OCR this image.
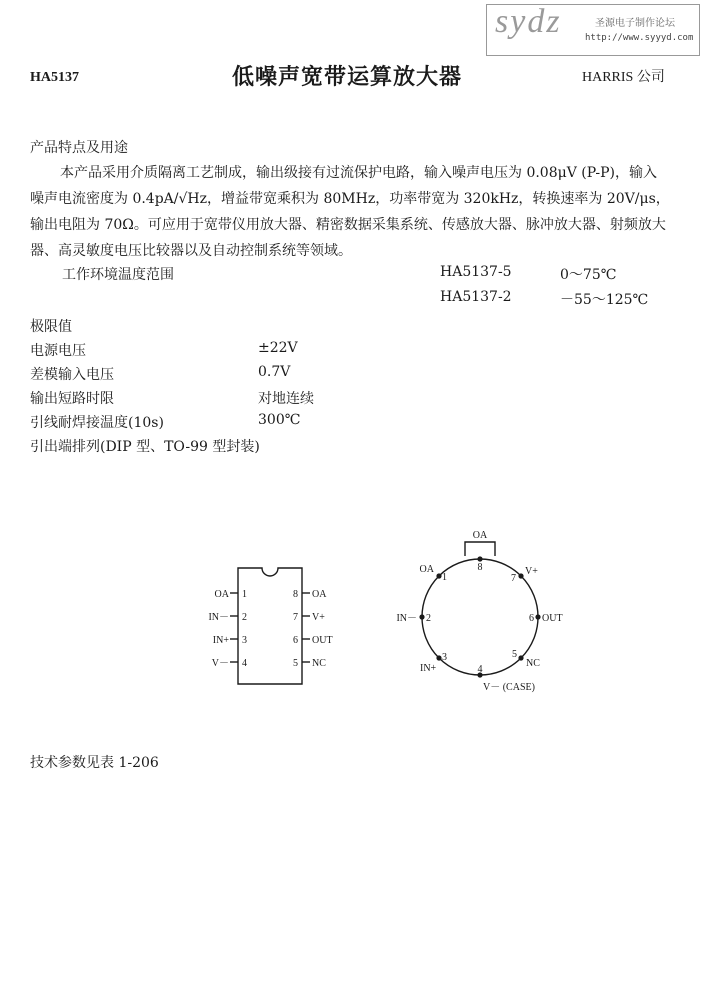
HA5137	低噪声宽带运算放大器	HARRIS 公司
sydz	圣源电子制作论坛
http://www.syyyd.com
产品特点及用途
本产品采用介质隔离工艺制成，输出级接有过流保护电路，输入噪声电压为 0.08μV (P-P)，输入噪声电流密度为 0.4pA/√Hz，增益带宽乘积为 80MHz，功率带宽为 320kHz，转换速率为 20V/μs，输出电阻为 70Ω。可应用于宽带仪用放大器、精密数据采集系统、传感放大器、脉冲放大器、射频放大器、高灵敏度电压比较器以及自动控制系统等领域。
工作环境温度范围	HA5137-5	0～75℃
HA5137-2	－55～125℃
极限值
电源电压	±22V
差模输入电压	0.7V
输出短路时限	对地连续
引线耐焊接温度(10s)	300℃
引出端排列(DIP 型、TO-99 型封装)
OA 1
IN－ 2
IN+ 3
V－ 4
8 OA
7 V+
6 OUT
5 NC
OA
8
OA
1	7
V+
IN－ 2	6 OUT
3
IN+
5
NC
4
V－ (CASE)
技术参数见表 1-206
